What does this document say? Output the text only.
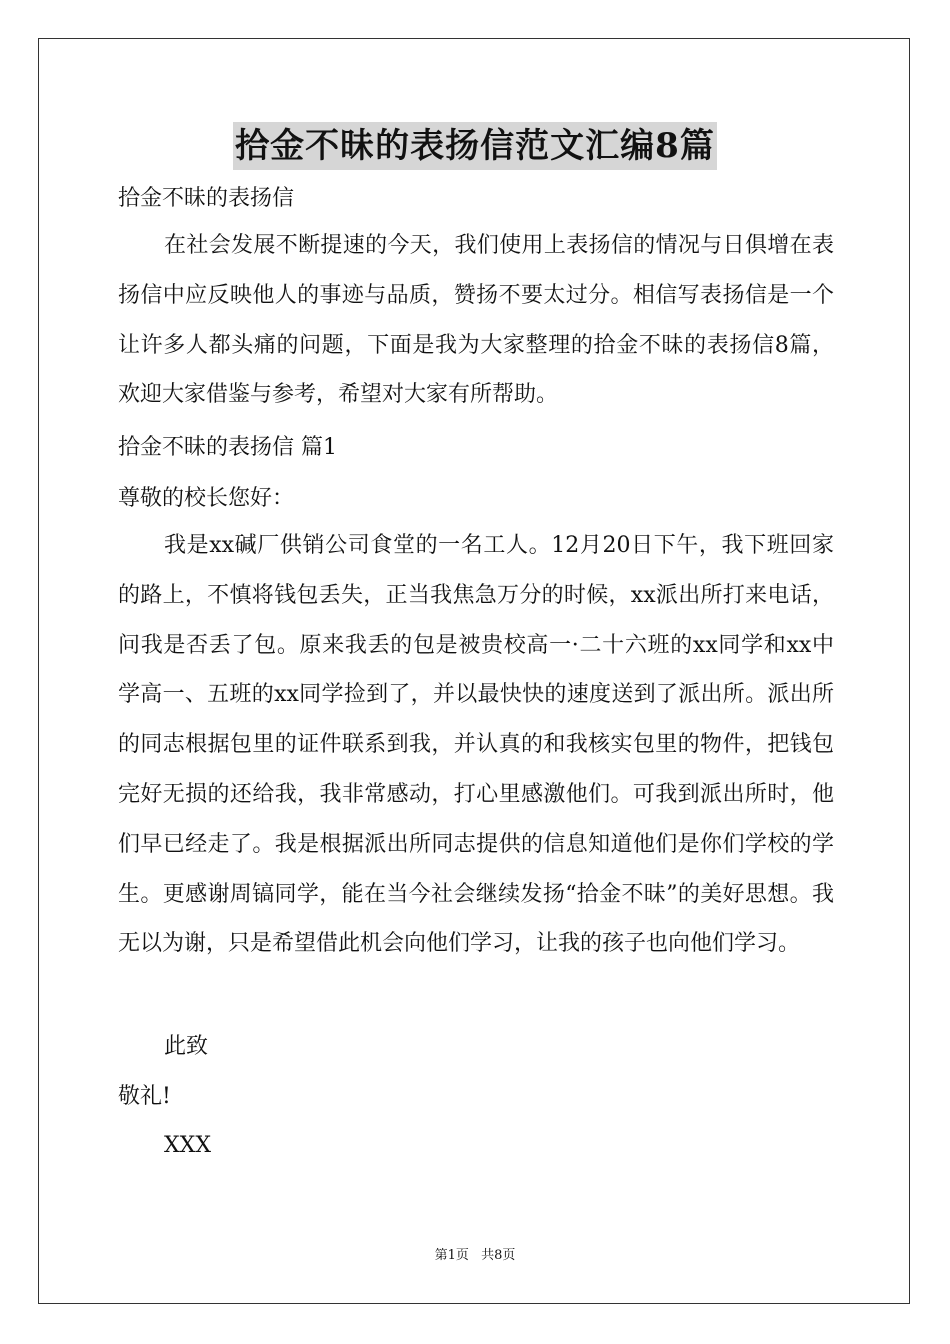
拾金不昧的表扬信范文汇编8篇
拾金不昧的表扬信
在社会发展不断提速的今天，我们使用上表扬信的情况与日俱增在表扬信中应反映他人的事迹与品质，赞扬不要太过分。相信写表扬信是一个让许多人都头痛的问题，下面是我为大家整理的拾金不昧的表扬信8篇，欢迎大家借鉴与参考，希望对大家有所帮助。
拾金不昧的表扬信 篇1
尊敬的校长您好：
我是xx碱厂供销公司食堂的一名工人。12月20日下午，我下班回家的路上，不慎将钱包丢失，正当我焦急万分的时候，xx派出所打来电话，问我是否丢了包。原来我丢的包是被贵校高一·二十六班的xx同学和xx中学高一、五班的xx同学捡到了，并以最快快的速度送到了派出所。派出所的同志根据包里的证件联系到我，并认真的和我核实包里的物件，把钱包完好无损的还给我，我非常感动，打心里感激他们。可我到派出所时，他们早已经走了。我是根据派出所同志提供的信息知道他们是你们学校的学生。更感谢周镐同学，能在当今社会继续发扬“拾金不昧”的美好思想。我无以为谢，只是希望借此机会向他们学习，让我的孩子也向他们学习。
此致
敬礼!
XXX
第1页 共8页
